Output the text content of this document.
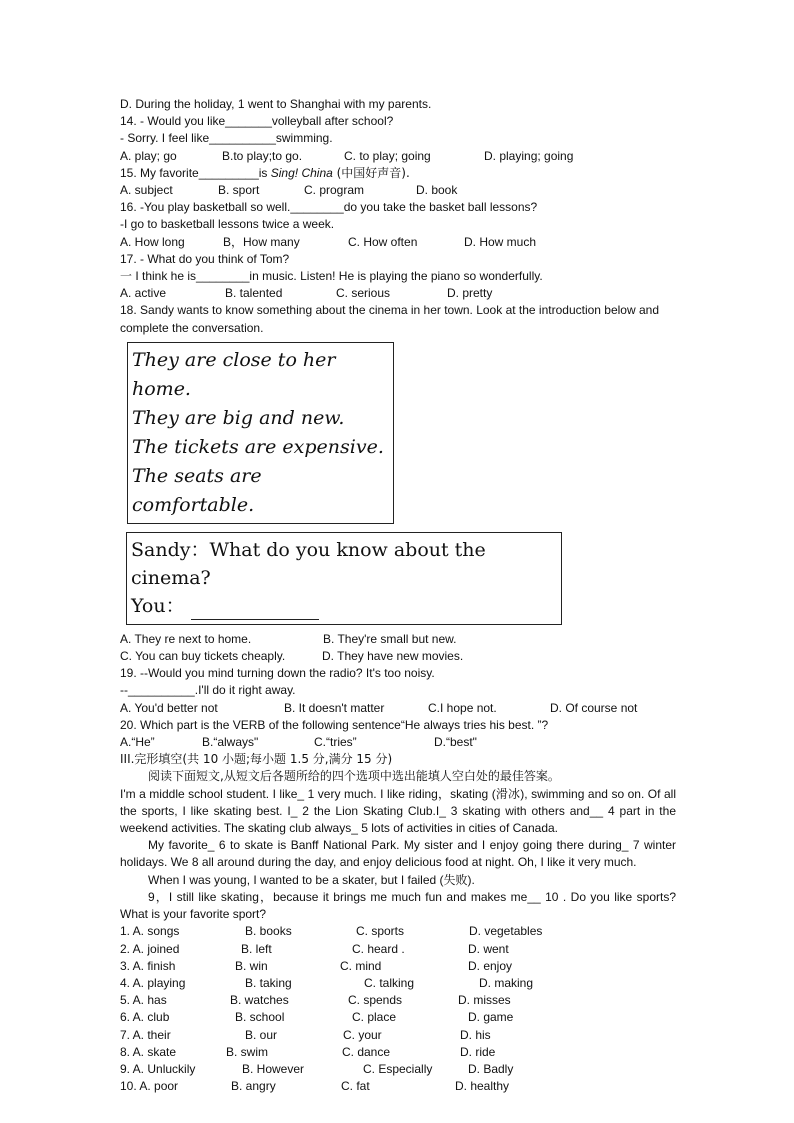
D. During the holiday, 1 went to Shanghai with my parents.
14. - Would you like_______volleyball after school?
- Sorry. I feel like__________swimming.
A. play; go	B.to play;to go.	C. to play; going	D. playing; going
15. My favorite_________is Sing! China (中国好声音).
A. subject	B. sport	C. program	D. book
16. -You play basketball so well.________do you take the basket ball lessons?
-I go to basketball lessons twice a week.
A. How long	B，How many	C. How often	D. How much
17. - What do you think of Tom?
一 I think he is________in music. Listen! He is playing the piano so wonderfully.
A. active	B. talented	C. serious	D. pretty
18. Sandy wants to know something about the cinema in her town. Look at the introduction below and complete the conversation.
They are close to her home.
They are big and new.
The tickets are expensive.
The seats are comfortable.
Sandy：What do you know about the cinema?
You：
A. They re next to home.	B. They're small but new.
C. You can buy tickets cheaply.	D. They have new movies.
19. --Would you mind turning down the radio? It's too noisy.
--__________.I'll do it right away.
A. You'd better not	B. It doesn't matter	C.I hope not.	D. Of course not
20. Which part is the VERB of the following sentence“He always tries his best. ”?
A.“He”	B.“always"	C.“tries”	D.“best"
III.完形填空(共 10 小题;每小题 1.5 分,满分 15 分)
阅读下面短文,从短文后各题所给的四个选项中选出能填人空白处的最佳答案。
I'm a middle school student. I like_ 1 very much. I like riding，skating (滑冰), swimming and so on. Of all the sports, I like skating best. I_ 2 the Lion Skating Club.I_ 3 skating with others and__ 4 part in the weekend activities. The skating club always_ 5 lots of activities in cities of Canada.
My favorite_ 6 to skate is Banff National Park. My sister and I enjoy going there during_ 7 winter holidays. We 8 all around during the day, and enjoy delicious food at night. Oh, I like it very much.
When I was young, I wanted to be a skater, but I failed (失败).
9，I still like skating，because it brings me much fun and makes me__ 10 . Do you like sports? What is your favorite sport?
1. A. songs	B. books	C. sports	D. vegetables
2. A. joined	B. left	C. heard .	D. went
3. A. finish	B. win	C. mind	D. enjoy
4. A. playing	B. taking	C. talking	D. making
5. A. has	B. watches	C. spends	D. misses
6. A. club	B. school	C. place	D. game
7. A. their	B. our	C. your	D. his
8. A. skate	B. swim	C. dance	D. ride
9. A. Unluckily	B. However	C. Especially	D. Badly
10. A. poor	B. angry	C. fat	D. healthy
